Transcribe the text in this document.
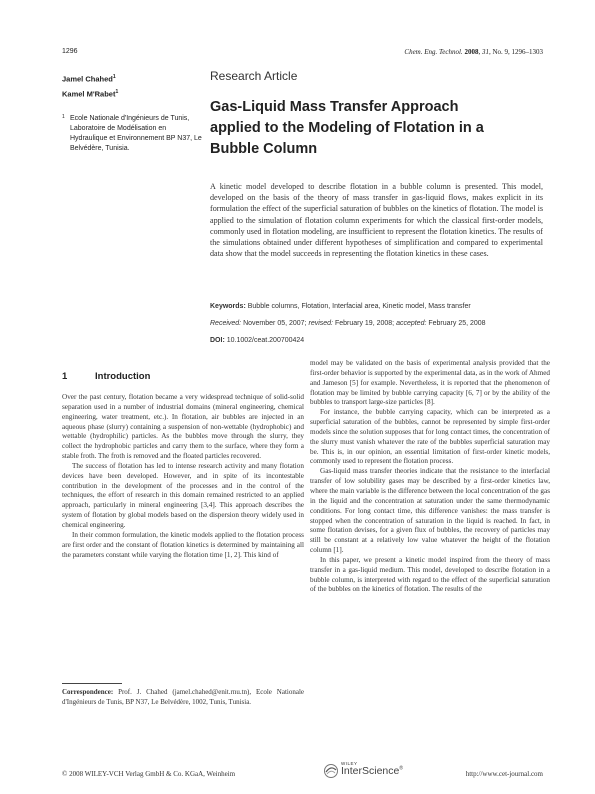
1296	Chem. Eng. Technol. 2008, 31, No. 9, 1296–1303
Jamel Chahed$^1$
Kamel M'Rabet$^1$
1 Ecole Nationale d'Ingénieurs de Tunis, Laboratoire de Modélisation en Hydraulique et Environnement BP N37, Le Belvédère, Tunisia.
Research Article
Gas-Liquid Mass Transfer Approach applied to the Modeling of Flotation in a Bubble Column
A kinetic model developed to describe flotation in a bubble column is presented. This model, developed on the basis of the theory of mass transfer in gas-liquid flows, makes explicit in its formulation the effect of the superficial saturation of bubbles on the kinetics of flotation. The model is applied to the simulation of flotation column experiments for which the classical first-order models, commonly used in flotation modeling, are insufficient to represent the flotation kinetics. The results of the simulations obtained under different hypotheses of simplification and compared to experimental data show that the model succeeds in representing the flotation kinetics in these cases.
Keywords: Bubble columns, Flotation, Interfacial area, Kinetic model, Mass transfer
Received: November 05, 2007; revised: February 19, 2008; accepted: February 25, 2008
DOI: 10.1002/ceat.200700424
1	Introduction

Over the past century, flotation became a very widespread technique of solid-solid separation used in a number of industrial domains (mineral engineering, chemical engineering, water treatment, etc.). In flotation, air bubbles are injected in an aqueous phase (slurry) containing a suspension of non-wettable (hydrophobic) and wettable (hydrophilic) particles. As the bubbles move through the slurry, they collect the hydrophobic particles and carry them to the surface, where they form a stable froth. The froth is removed and the floated particles recovered.

The success of flotation has led to intense research activity and many flotation devices have been developed. However, and in spite of its incontestable contribution in the development of the processes and in the control of the techniques, the effort of research in this domain remained restricted to an applied approach, particularly in mineral engineering [3,4]. This approach describes the system of flotation by global models based on the dispersion theory widely used in chemical engineering.

In their common formulation, the kinetic models applied to the flotation process are first order and the constant of flotation kinetics is determined by maintaining all the parameters constant while varying the flotation time [1, 2]. This kind of

model may be validated on the basis of experimental analysis provided that the first-order behavior is supported by the experimental data, as in the work of Ahmed and Jameson [5] for example. Nevertheless, it is reported that the phenomenon of flotation may be limited by bubble carrying capacity [6, 7] or by the ability of the bubbles to transport large-size particles [8].

For instance, the bubble carrying capacity, which can be interpreted as a superficial saturation of the bubbles, cannot be represented by simple first-order models since the solution supposes that for long contact times, the concentration of the slurry must vanish whatever the rate of the bubbles superficial saturation may be. This is, in our opinion, an essential limitation of first-order kinetic models, commonly used to represent the flotation process.

Gas-liquid mass transfer theories indicate that the resistance to the interfacial transfer of low solubility gases may be described by a first-order kinetics law, where the main variable is the difference between the local concentration of the gas in the liquid and the concentration at saturation under the same thermodynamic conditions. For long contact time, this difference vanishes: the mass transfer is stopped when the concentration of saturation in the liquid is reached. In fact, in some flotation devises, for a given flux of bubbles, the recovery of particles may still be constant at a relatively low value whatever the height of the flotation column [1].

In this paper, we present a kinetic model inspired from the theory of mass transfer in a gas-liquid medium. This model, developed to describe flotation in a bubble column, is interpreted with regard to the effect of the superficial saturation of the bubbles on the kinetics of flotation. The results of the

Correspondence: Prof. J. Chahed (jamel.chahed@enit.rnu.tn), Ecole Nationale d'Ingénieurs de Tunis, BP N37, Le Belvédère, 1002, Tunis, Tunisia.
© 2008 WILEY-VCH Verlag GmbH & Co. KGaA, Weinheim
WILEY
InterScience®
http://www.cet-journal.com
